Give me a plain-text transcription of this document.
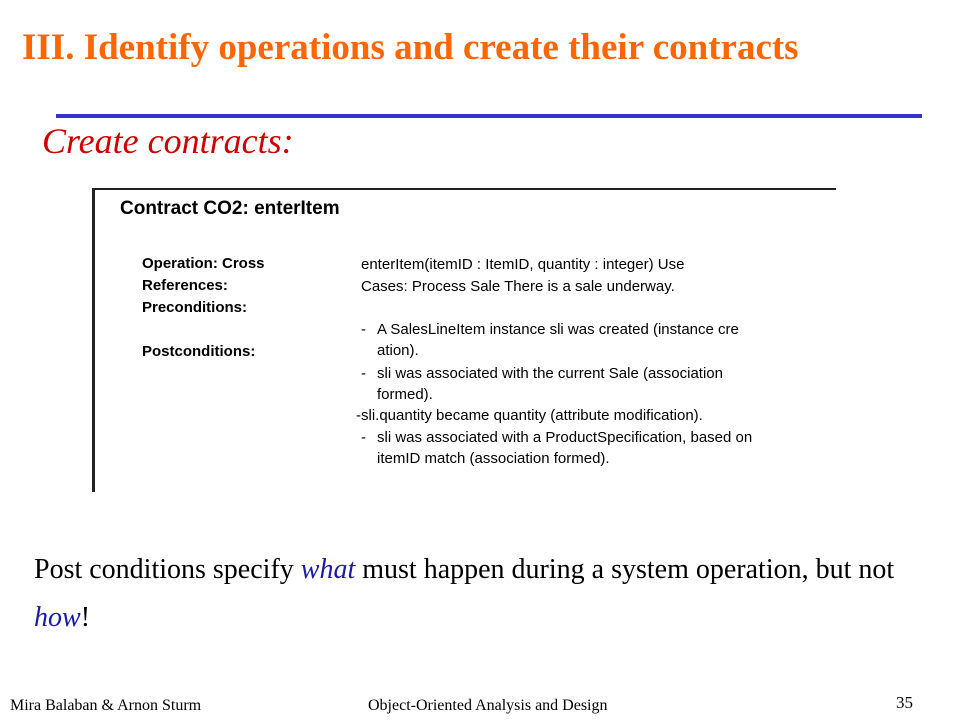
III. Identify operations and create their contracts
Create contracts:
Contract CO2: enterItem
Operation: Cross
References:
Preconditions:
Postconditions:
enterItem(itemID : ItemID, quantity : integer) Use
Cases: Process Sale There is a sale underway.
- A SalesLineItem instance sli was created (instance cre
ation).
- sli was associated with the current Sale (association
formed).
-sli.quantity became quantity (attribute modification).
- sli was associated with a ProductSpecification, based on
itemID match (association formed).
Post conditions specify what must happen during a system operation, but not how!
Mira Balaban & Arnon Sturm	Object-Oriented Analysis and Design	35
